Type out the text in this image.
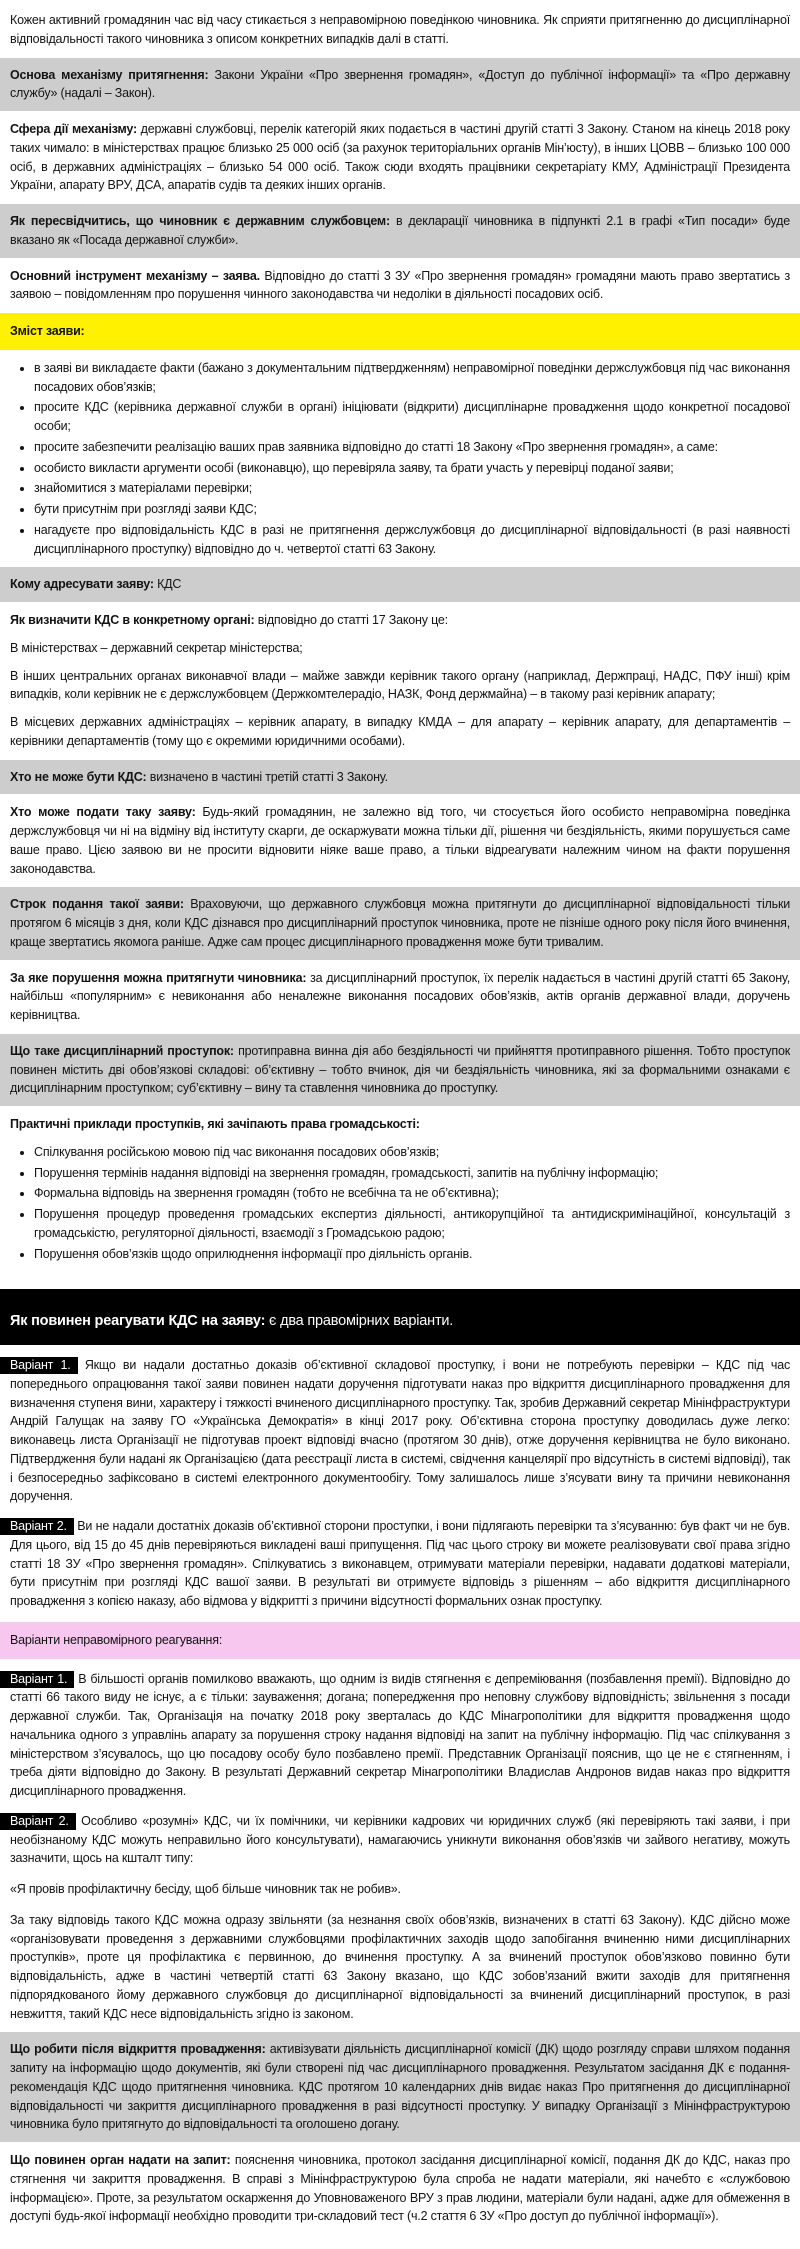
Кожен активний громадянин час від часу стикається з неправомірною поведінкою чиновника. Як сприяти притягненню до дисциплінарної відповідальності такого чиновника з описом конкретних випадків далі в статті.

Основа механізму притягнення: Закони України «Про звернення громадян», «Доступ до публічної інформації» та «Про державну службу» (надалі – Закон).

Сфера дії механізму: державні службовці, перелік категорій яких подається в частині другій статті 3 Закону. Станом на кінець 2018 року таких чимало: в міністерствах працює близько 25 000 осіб (за рахунок територіальних органів Мін’юсту), в інших ЦОВВ – близько 100 000 осіб, в державних адміністраціях – близько 54 000 осіб. Також сюди входять працівники секретаріату КМУ, Адміністрації Президента України, апарату ВРУ, ДСА, апаратів судів та деяких інших органів.

Як пересвідчитись, що чиновник є державним службовцем: в декларації чиновника в підпункті 2.1 в графі «Тип посади» буде вказано як «Посада державної служби».

Основний інструмент механізму – заява. Відповідно до статті 3 ЗУ «Про звернення громадян» громадяни мають право звертатись з заявою – повідомленням про порушення чинного законодавства чи недоліки в діяльності посадових осіб.

Зміст заяви:
• в заяві ви викладаєте факти (бажано з документальним підтвердженням) неправомірної поведінки держслужбовця під час виконання посадових обов’язків;
• просите КДС (керівника державної служби в органі) ініціювати (відкрити) дисциплінарне провадження щодо конкретної посадової особи;
• просите забезпечити реалізацію ваших прав заявника відповідно до статті 18 Закону «Про звернення громадян», а саме:
• особисто викласти аргументи особі (виконавцю), що перевіряла заяву, та брати участь у перевірці поданої заяви;
• знайомитися з матеріалами перевірки;
• бути присутнім при розгляді заяви КДС;
• нагадуєте про відповідальність КДС в разі не притягнення держслужбовця до дисциплінарної відповідальності (в разі наявності дисциплінарного проступку) відповідно до ч. четвертої статті 63 Закону.
Кому адресувати заяву: КДС

Як визначити КДС в конкретному органі: відповідно до статті 17 Закону це:

В міністерствах – державний секретар міністерства;

В інших центральних органах виконавчої влади – майже завжди керівник такого органу (наприклад, Держпраці, НАДС, ПФУ інші) крім випадків, коли керівник не є держслужбовцем (Держкомтелерадіо, НАЗК, Фонд держмайна) – в такому разі керівник апарату;

В місцевих державних адміністраціях – керівник апарату, в випадку КМДА – для апарату – керівник апарату, для департаментів – керівники департаментів (тому що є окремими юридичними особами).

Хто не може бути КДС: визначено в частині третій статті 3 Закону.

Хто може подати таку заяву: Будь-який громадянин, не залежно від того, чи стосується його особисто неправомірна поведінка держслужбовця чи ні на відміну від інституту скарги, де оскаржувати можна тільки дії, рішення чи бездіяльність, якими порушується саме ваше право. Цією заявою ви не просити відновити ніяке ваше право, а тільки відреагувати належним чином на факти порушення законодавства.

Строк подання такої заяви: Враховуючи, що державного службовця можна притягнути до дисциплінарної відповідальності тільки протягом 6 місяців з дня, коли КДС дізнався про дисциплінарний проступок чиновника, проте не пізніше одного року після його вчинення, краще звертатись якомога раніше. Адже сам процес дисциплінарного провадження може бути тривалим.

За яке порушення можна притягнути чиновника: за дисциплінарний проступок, їх перелік надається в частині другій статті 65 Закону, найбільш «популярним» є невиконання або неналежне виконання посадових обов’язків, актів органів державної влади, доручень керівництва.

Що таке дисциплінарний проступок: протиправна винна дія або бездіяльності чи прийняття протиправного рішення. Тобто проступок повинен містить дві обов’язкові складові: об’єктивну – тобто вчинок, дія чи бездіяльність чиновника, які за формальними ознаками є дисциплінарним проступком; суб’єктивну – вину та ставлення чиновника до проступку.

Практичні приклади проступків, які зачіпають права громадськості:

• Спілкування російською мовою під час виконання посадових обов’язків;
• Порушення термінів надання відповіді на звернення громадян, громадськості, запитів на публічну інформацію;
• Формальна відповідь на звернення громадян (тобто не всебічна та не об’єктивна);
• Порушення процедур проведення громадських експертиз діяльності, антикорупційної та антидискримінаційної, консультацій з громадськістю, регуляторної діяльності, взаємодії з Громадською радою;
• Порушення обов’язків щодо оприлюднення інформації про діяльність органів.
Як повинен реагувати КДС на заяву: є два правомірних варіанти.

Варіант 1. Якщо ви надали достатньо доказів об’єктивної складової проступку, і вони не потребують перевірки – КДС під час попереднього опрацювання такої заяви повинен надати доручення підготувати наказ про відкриття дисциплінарного провадження для визначення ступеня вини, характеру і тяжкості вчиненого дисциплінарного проступку. Так, зробив Державний секретар Мінінфраструктури Андрій Галущак на заяву ГО «Українська Демократія» в кінці 2017 року. Об’єктивна сторона проступку доводилась дуже легко: виконавець листа Організації не підготував проект відповіді вчасно (протягом 30 днів), отже доручення керівництва не було виконано. Підтвердження були надані як Організацією (дата реєстрації листа в системі, свідчення канцелярії про відсутність в системі відповіді), так і безпосередньо зафіксовано в системі електронного документообігу. Тому залишалось лише з’ясувати вину та причини невиконання доручення.

Варіант 2. Ви не надали достатніх доказів об’єктивної сторони проступки, і вони підлягають перевірки та з’ясуванню: був факт чи не був. Для цього, від 15 до 45 днів перевіряються викладені ваші припущення. Під час цього строку ви можете реалізовувати свої права згідно статті 18 ЗУ «Про звернення громадян». Спілкуватись з виконавцем, отримувати матеріали перевірки, надавати додаткові матеріали, бути присутнім при розгляді КДС вашої заяви. В результаті ви отримуєте відповідь з рішенням – або відкриття дисциплінарного провадження з копією наказу, або відмова у відкритті з причини відсутності формальних ознак проступку.

Варіанти неправомірного реагування:

Варіант 1. В більшості органів помилково вважають, що одним із видів стягнення є депреміювання (позбавлення премії). Відповідно до статті 66 такого виду не існує, а є тільки: зауваження; догана; попередження про неповну службову відповідність; звільнення з посади державної служби. Так, Організація на початку 2018 року зверталась до КДС Мінагрополітики для відкриття провадження щодо начальника одного з управлінь апарату за порушення строку надання відповіді на запит на публічну інформацію. Під час спілкування з міністерством з’ясувалось, що цю посадову особу було позбавлено премії. Представник Організації пояснив, що це не є стягненням, і треба діяти відповідно до Закону. В результаті Державний секретар Мінагрополітики Владислав Андронов видав наказ про відкриття дисциплінарного провадження.

Варіант 2. Особливо «розумні» КДС, чи їх помічники, чи керівники кадрових чи юридичних служб (які перевіряють такі заяви, і при необізнаному КДС можуть неправильно його консультувати), намагаючись уникнути виконання обов’язків чи зайвого негативу, можуть зазначити, щось на кшталт типу:

«Я провів профілактичну бесіду, щоб більше чиновник так не робив».

За таку відповідь такого КДС можна одразу звільняти (за незнання своїх обов’язків, визначених в статті 63 Закону). КДС дійсно може «організовувати проведення з державними службовцями профілактичних заходів щодо запобігання вчиненню ними дисциплінарних проступків», проте ця профілактика є первинною, до вчинення проступку. А за вчинений проступок обов’язково повинно бути відповідальність, адже в частині четвертій статті 63 Закону вказано, що КДС зобов’язаний вжити заходів для притягнення підпорядкованого йому державного службовця до дисциплінарної відповідальності за вчинений дисциплінарний проступок, в разі невжиття, такий КДС несе відповідальність згідно із законом.

Що робити після відкриття провадження: активізувати діяльність дисциплінарної комісії (ДК) щодо розгляду справи шляхом подання запиту на інформацію щодо документів, які були створені під час дисциплінарного провадження. Результатом засідання ДК є подання-рекомендація КДС щодо притягнення чиновника. КДС протягом 10 календарних днів видає наказ Про притягнення до дисциплінарної відповідальності чи закриття дисциплінарного провадження в разі відсутності проступку. У випадку Організації з Мінінфраструктурою чиновника було притягнуто до відповідальності та оголошено догану.

Що повинен орган надати на запит: пояснення чиновника, протокол засідання дисциплінарної комісії, подання ДК до КДС, наказ про стягнення чи закриття провадження. В справі з Мінінфраструктурою була спроба не надати матеріали, які начебто є «службовою інформацією». Проте, за результатом оскарження до Уповноваженого ВРУ з прав людини, матеріали були надані, адже для обмеження в доступі будь-якої інформації необхідно проводити три-складовий тест (ч.2 стаття 6 ЗУ «Про доступ до публічної інформації»).
